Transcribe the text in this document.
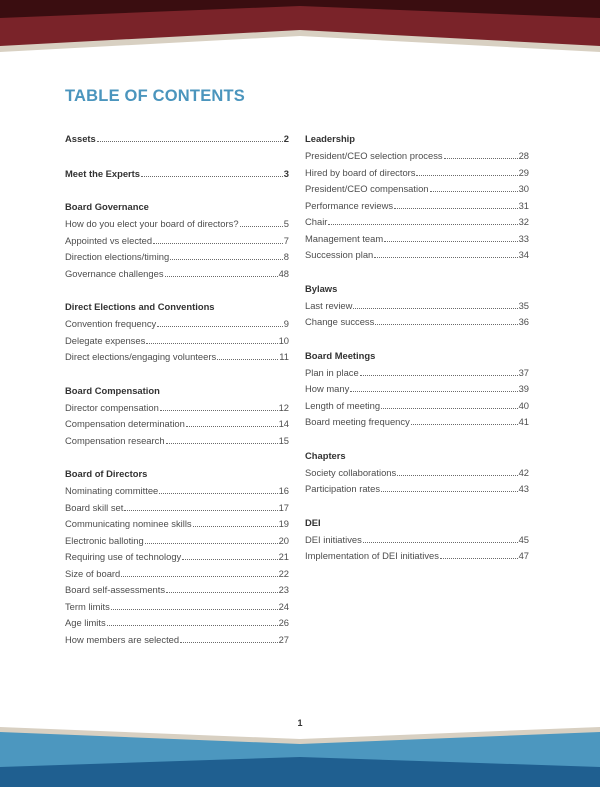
TABLE OF CONTENTS
Assets	2
Meet the Experts	3
Board Governance
How do you elect your board of directors?	5
Appointed vs elected	7
Direction elections/timing	8
Governance challenges	48
Direct Elections and Conventions
Convention frequency	9
Delegate expenses	10
Direct elections/engaging volunteers	11
Board Compensation
Director compensation	12
Compensation determination	14
Compensation research	15
Board of Directors
Nominating committee	16
Board skill set	17
Communicating nominee skills	19
Electronic balloting	20
Requiring use of technology	21
Size of board	22
Board self-assessments	23
Term limits	24
Age limits	26
How members are selected	27
Leadership
President/CEO selection process	28
Hired by board of directors	29
President/CEO compensation	30
Performance reviews	31
Chair	32
Management team	33
Succession plan	34
Bylaws
Last review	35
Change success	36
Board Meetings
Plan in place	37
How many	39
Length of meeting	40
Board meeting frequency	41
Chapters
Society collaborations	42
Participation rates	43
DEI
DEI initiatives	45
Implementation of DEI initiatives	47
1
